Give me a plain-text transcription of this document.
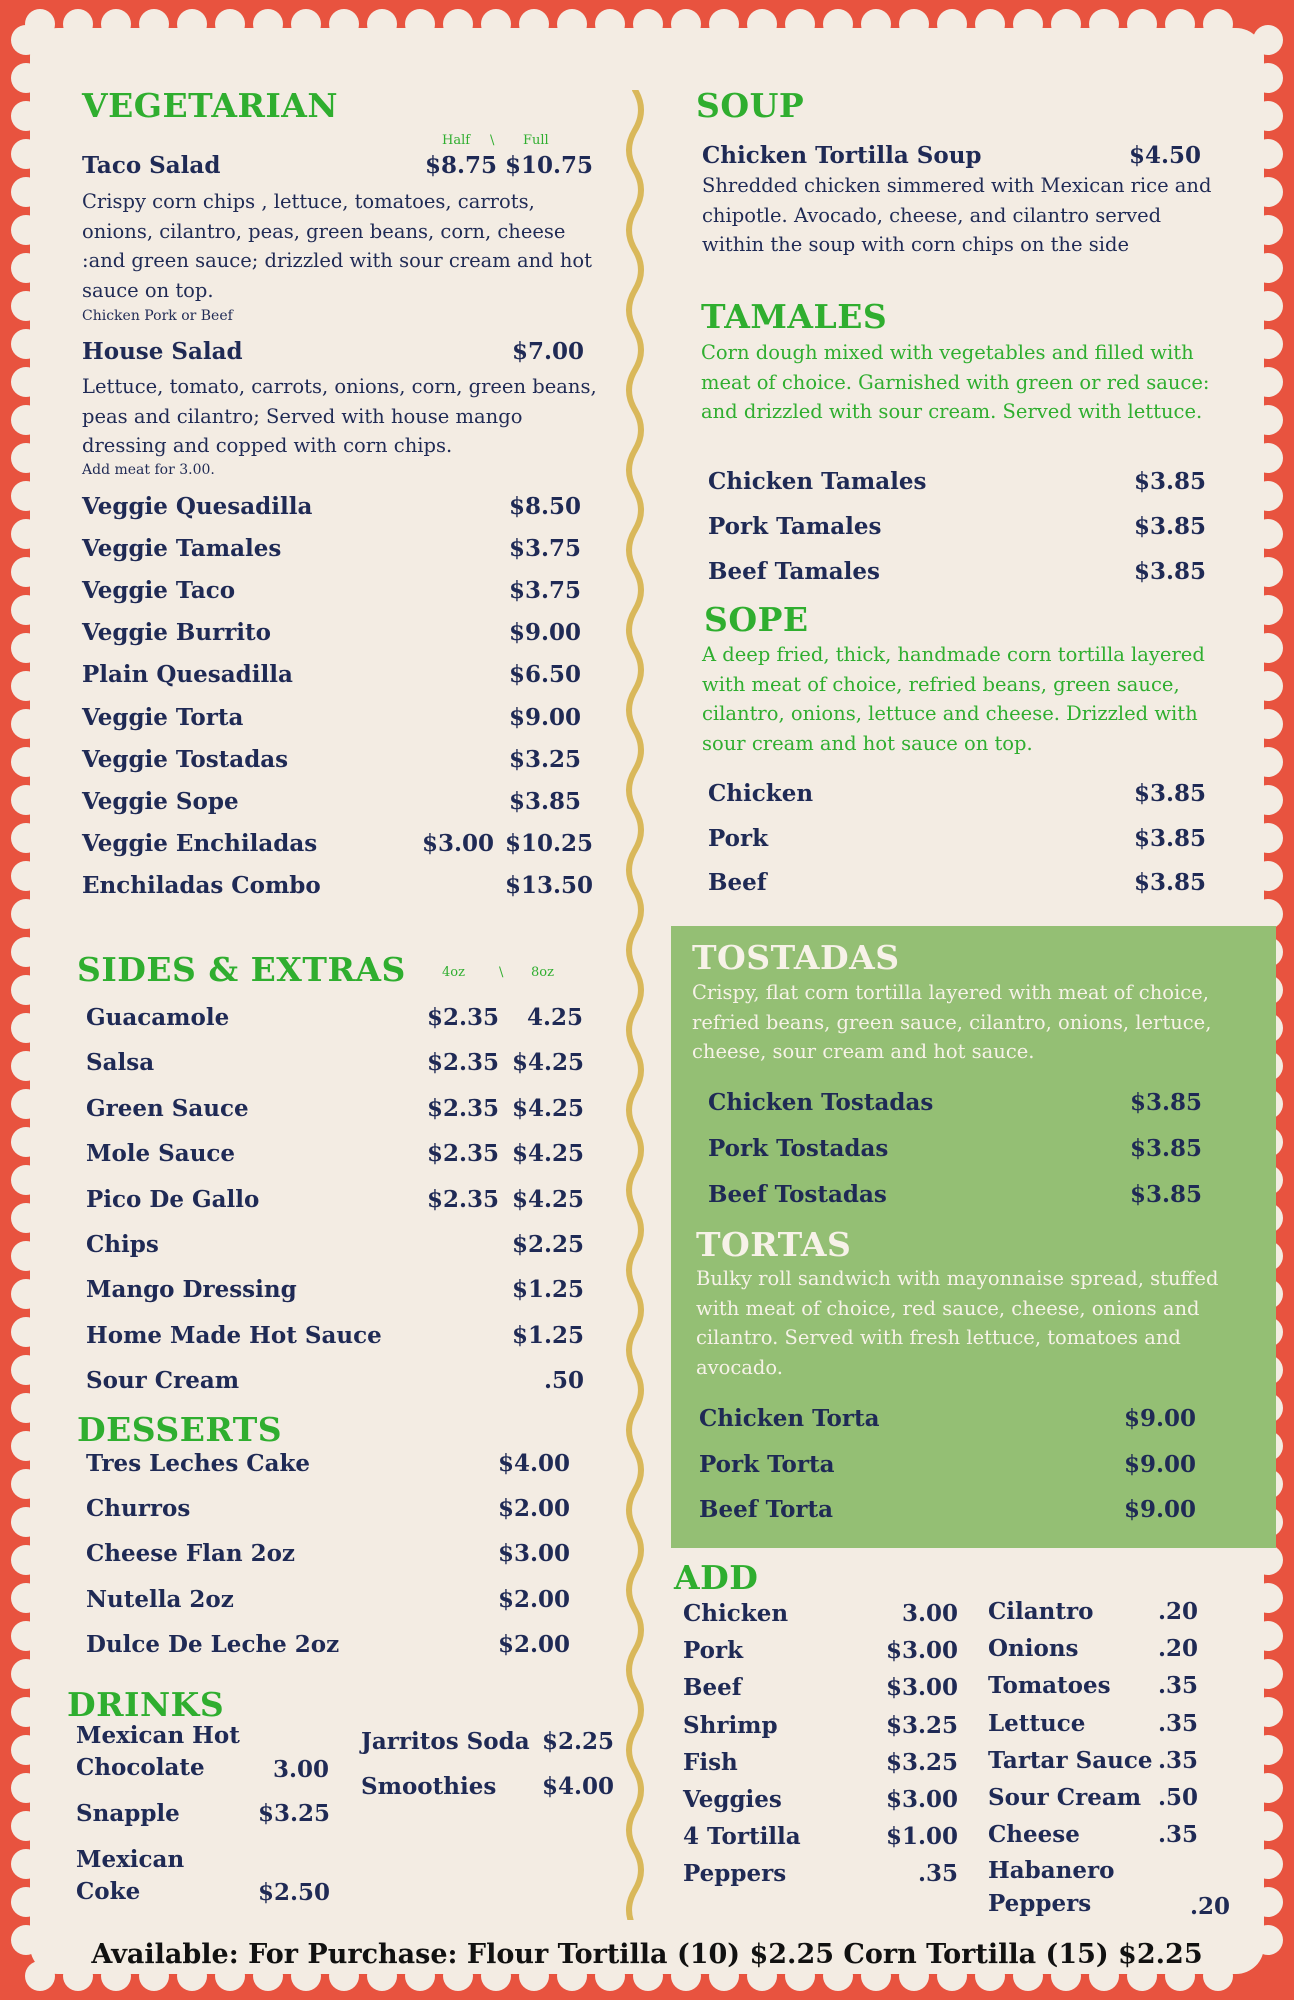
VEGETARIAN
Half \ Full
Taco Salad	$8.75 $10.75
Crispy corn chips , lettuce, tomatoes, carrots, onions, cilantro, peas, green beans, corn, cheese :and green sauce; drizzled with sour cream and hot sauce on top.
Chicken Pork or Beef
House Salad	$7.00
Lettuce, tomato, carrots, onions, corn, green beans, peas and cilantro; Served with house mango dressing and copped with corn chips.
Add meat for 3.00.
Veggie Quesadilla	$8.50
Veggie Tamales	$3.75
Veggie Taco	$3.75
Veggie Burrito	$9.00
Plain Quesadilla	$6.50
Veggie Torta	$9.00
Veggie Tostadas	$3.25
Veggie Sope	$3.85
Veggie Enchiladas	$3.00 $10.25
Enchiladas Combo	$13.50
SIDES & EXTRAS	4oz	\ 8oz
Guacamole	$2.35 4.25
Salsa	$2.35 $4.25
Green Sauce	$2.35 $4.25
Mole Sauce	$2.35 $4.25
Pico De Gallo	$2.35 $4.25
Chips	$2.25
Mango Dressing	$1.25
Home Made Hot Sauce	$1.25
Sour Cream	.50
DESSERTS
Tres Leches Cake	$4.00
Churros	$2.00
Cheese Flan 2oz	$3.00
Nutella 2oz	$2.00
Dulce De Leche 2oz	$2.00
DRINKS
Mexican Hot
Chocolate	3.00
Snapple	$3.25
Mexican
Coke	$2.50
Jarritos Soda $2.25
Smoothies $4.00
SOUP
Chicken Tortilla Soup	$4.50
Shredded chicken simmered with Mexican rice and chipotle. Avocado, cheese, and cilantro served within the soup with corn chips on the side
TAMALES
Corn dough mixed with vegetables and filled with meat of choice. Garnished with green or red sauce: and drizzled with sour cream. Served with lettuce.
Chicken Tamales	$3.85
Pork Tamales	$3.85
Beef Tamales	$3.85
SOPE
A deep fried, thick, handmade corn tortilla layered with meat of choice, refried beans, green sauce, cilantro, onions, lettuce and cheese. Drizzled with sour cream and hot sauce on top.
Chicken	$3.85
Pork	$3.85
Beef	$3.85
TOSTADAS
Crispy, flat corn tortilla layered with meat of choice, refried beans, green sauce, cilantro, onions, lertuce, cheese, sour cream and hot sauce.
Chicken Tostadas	$3.85
Pork Tostadas	$3.85
Beef Tostadas	$3.85
TORTAS
Bulky roll sandwich with mayonnaise spread, stuffed with meat of choice, red sauce, cheese, onions and cilantro. Served with fresh lettuce, tomatoes and avocado.
Chicken Torta	$9.00
Pork Torta	$9.00
Beef Torta	$9.00
ADD
Chicken	3.00
Pork	$3.00
Beef	$3.00
Shrimp	$3.25
Fish	$3.25
Veggies	$3.00
4 Tortilla	$1.00
Peppers	.35
Cilantro	.20
Onions	.20
Tomatoes	.35
Lettuce	.35
Tartar Sauce .35
Sour Cream .50
Cheese	.35
Habanero
Peppers	.20
Available: For Purchase: Flour Tortilla (10) $2.25 Corn Tortilla (15) $2.25
